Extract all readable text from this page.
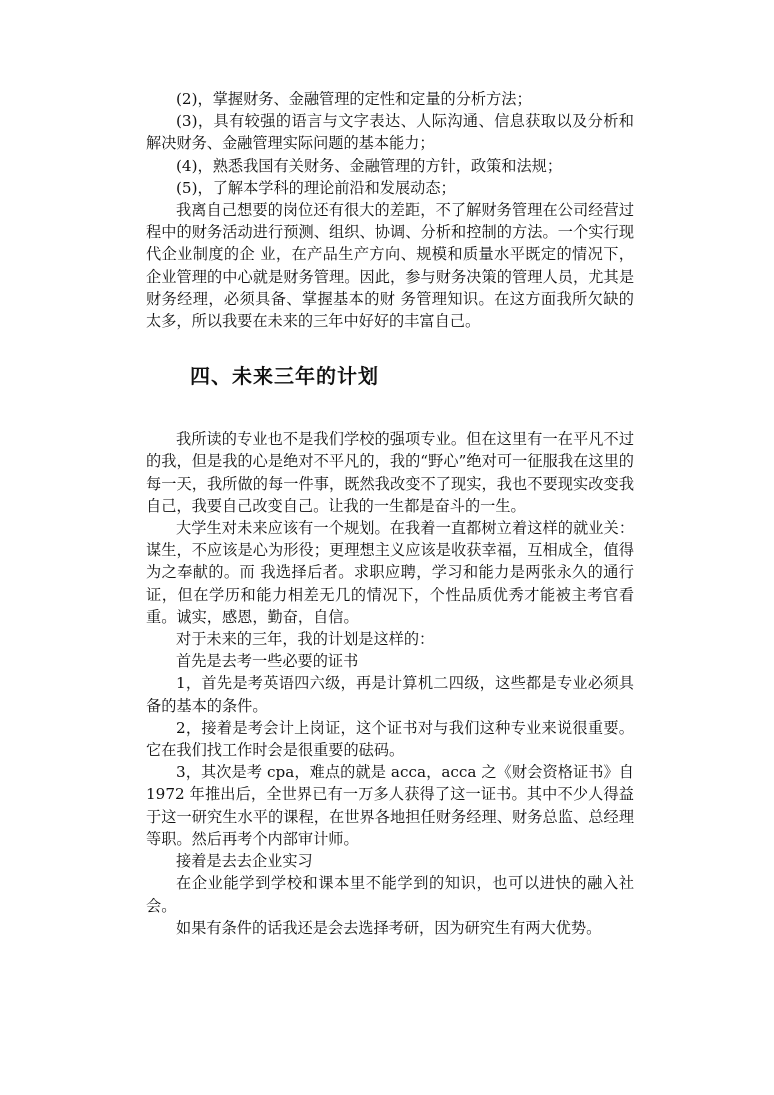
(2)，掌握财务、金融管理的定性和定量的分析方法；

(3)，具有较强的语言与文字表达、人际沟通、信息获取以及分析和解决财务、金融管理实际问题的基本能力；

(4)，熟悉我国有关财务、金融管理的方针，政策和法规；

(5)，了解本学科的理论前沿和发展动态；

我离自己想要的岗位还有很大的差距，不了解财务管理在公司经营过程中的财务活动进行预测、组织、协调、分析和控制的方法。一个实行现代企业制度的企 业，在产品生产方向、规模和质量水平既定的情况下，企业管理的中心就是财务管理。因此，参与财务决策的管理人员，尤其是财务经理，必须具备、掌握基本的财 务管理知识。在这方面我所欠缺的太多，所以我要在未来的三年中好好的丰富自己。

四、未来三年的计划

我所读的专业也不是我们学校的强项专业。但在这里有一在平凡不过的我，但是我的心是绝对不平凡的，我的“野心”绝对可一征服我在这里的每一天，我所做的每一件事，既然我改变不了现实，我也不要现实改变我自己，我要自己改变自己。让我的一生都是奋斗的一生。

大学生对未来应该有一个规划。在我着一直都树立着这样的就业关：谋生，不应该是心为形役；更理想主义应该是收获幸福，互相成全，值得为之奉献的。而 我选择后者。求职应聘，学习和能力是两张永久的通行证，但在学历和能力相差无几的情况下，个性品质优秀才能被主考官看重。诚实，感恩，勤奋，自信。

对于未来的三年，我的计划是这样的：

首先是去考一些必要的证书

1，首先是考英语四六级，再是计算机二四级，这些都是专业必须具备的基本的条件。

2，接着是考会计上岗证，这个证书对与我们这种专业来说很重要。它在我们找工作时会是很重要的砝码。

3，其次是考 cpa，难点的就是 acca，acca 之《财会资格证书》自 1972 年推出后，全世界已有一万多人获得了这一证书。其中不少人得益于这一研究生水平的课程，在世界各地担任财务经理、财务总监、总经理等职。然后再考个内部审计师。

接着是去去企业实习

在企业能学到学校和课本里不能学到的知识，也可以进快的融入社会。

如果有条件的话我还是会去选择考研，因为研究生有两大优势。
